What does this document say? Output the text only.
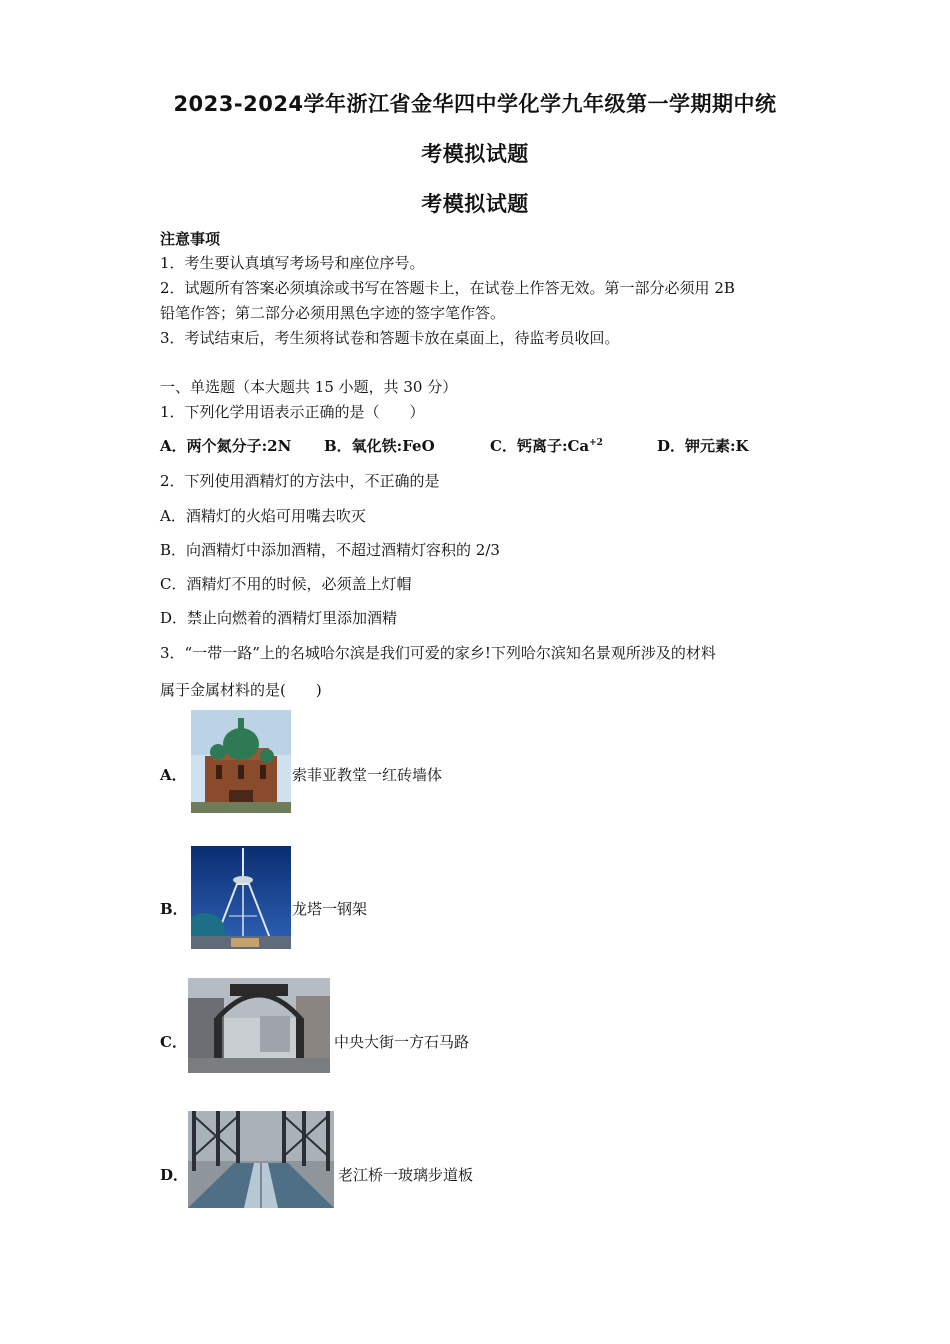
2023-2024学年浙江省金华四中学化学九年级第一学期期中统
考模拟试题
考模拟试题
注意事项
1．考生要认真填写考场号和座位序号。
2．试题所有答案必须填涂或书写在答题卡上，在试卷上作答无效。第一部分必须用 2B
铅笔作答；第二部分必须用黑色字迹的签字笔作答。
3．考试结束后，考生须将试卷和答题卡放在桌面上，待监考员收回。
一、单选题（本大题共 15 小题，共 30 分）
1．下列化学用语表示正确的是（　　）
A．两个氮分子:2N B．氧化铁:FeO	C．钙离子$:Ca^{+2}$	D．钾元素:K
2．下列使用酒精灯的方法中，不正确的是
A．酒精灯的火焰可用嘴去吹灭
B．向酒精灯中添加酒精，不超过酒精灯容积的 2/3
C．酒精灯不用的时候，必须盖上灯帽
D．禁止向燃着的酒精灯里添加酒精
3．“一带一路”上的名城哈尔滨是我们可爱的家乡!下列哈尔滨知名景观所涉及的材料
属于金属材料的是(　　)
A．	索菲亚教堂一红砖墙体
B．	龙塔一钢架
C．	中央大街一方石马路
D．	老江桥一玻璃步道板
